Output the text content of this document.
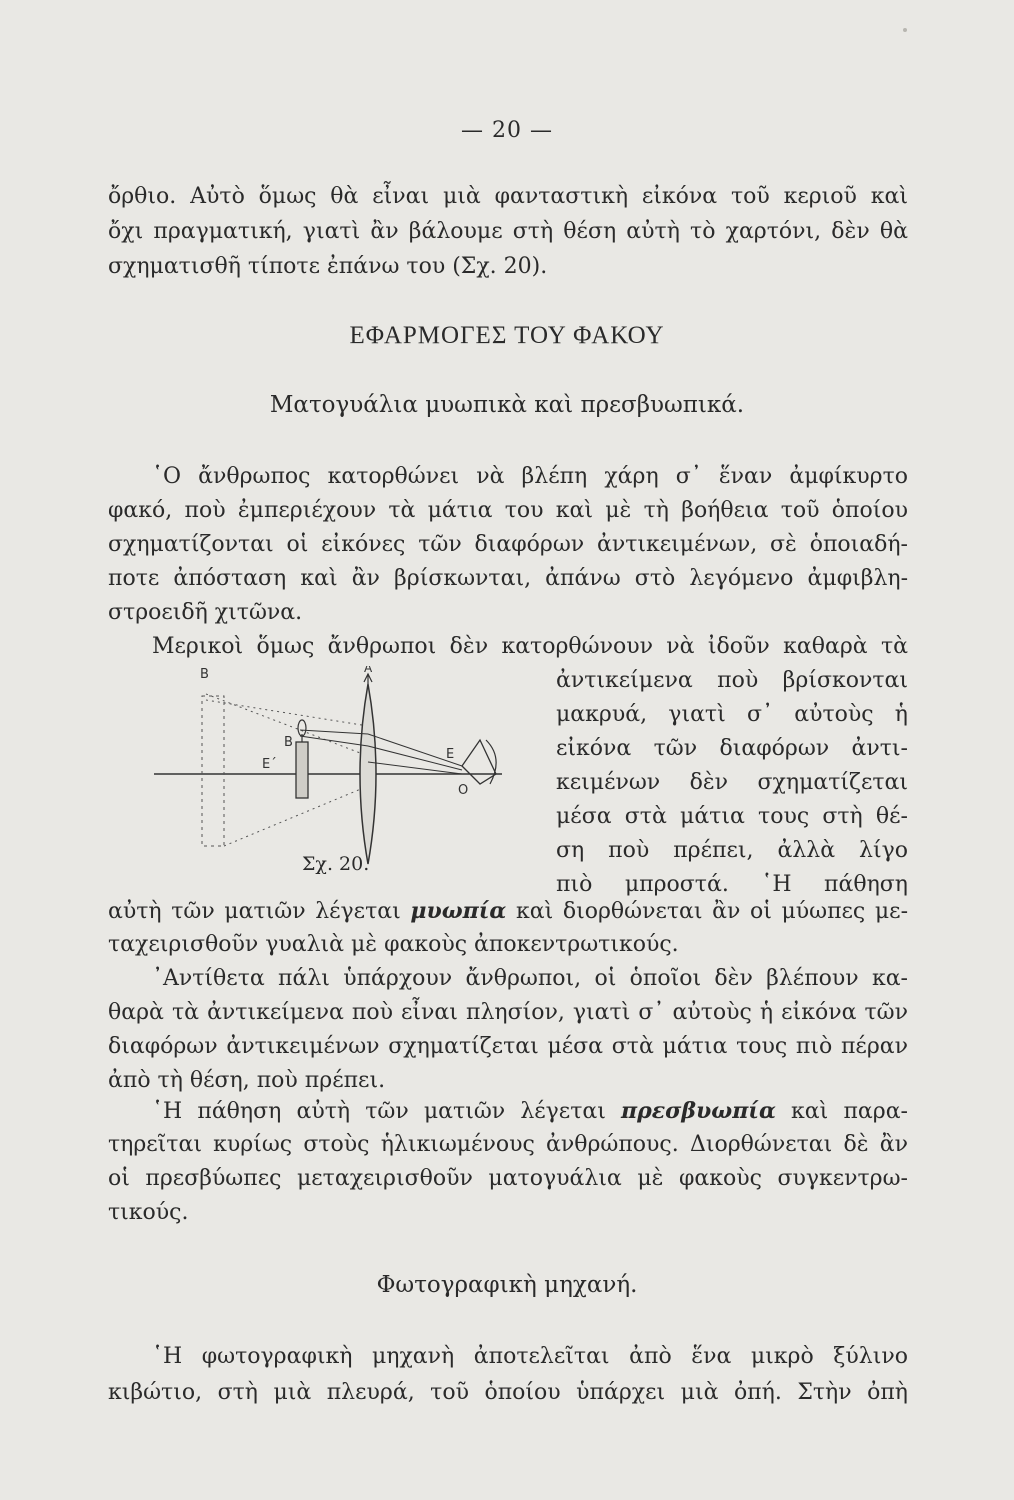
— 20 —
ὄρθιο. Αὐτὸ ὅμως θὰ εἶναι μιὰ φανταστικὴ εἰκόνα τοῦ κεριοῦ καὶ
ὄχι πραγματική, γιατὶ ἂν βάλουμε στὴ θέση αὐτὴ τὸ χαρτόνι, δὲν θὰ
σχηματισθῆ τίποτε ἐπάνω του (Σχ. 20).
ΕΦΑΡΜΟΓΕΣ ΤΟΥ ΦΑΚΟΥ
Ματογυάλια μυωπικὰ καὶ πρεσβυωπικά.
῾Ο ἄνθρωπος κατορθώνει νὰ βλέπη χάρη σ᾿ ἕναν ἀμφίκυρτο
φακό, ποὺ ἐμπεριέχουν τὰ μάτια του καὶ μὲ τὴ βοήθεια τοῦ ὁποίου
σχηματίζονται οἱ εἰκόνες τῶν διαφόρων ἀντικειμένων, σὲ ὁποιαδή-
ποτε ἀπόσταση καὶ ἂν βρίσκωνται, ἀπάνω στὸ λεγόμενο ἀμφιβλη-
στροειδῆ χιτῶνα.
Μερικοὶ ὅμως ἄνθρωποι δὲν κατορθώνουν νὰ ἰδοῦν καθαρὰ τὰ
ἀντικείμενα ποὺ βρίσκονται
μακρυά, γιατὶ σ᾿ αὐτοὺς ἡ
εἰκόνα τῶν διαφόρων ἀντι-
κειμένων δὲν σχηματίζεται
μέσα στὰ μάτια τους στὴ θέ-
ση ποὺ πρέπει, ἀλλὰ λίγο
πιὸ μπροστά. ῾Η πάθηση
B	A
B
E´
E
O
Σχ. 20.
αὐτὴ τῶν ματιῶν λέγεται μυωπία καὶ διορθώνεται ἂν οἱ μύωπες με-
ταχειρισθοῦν γυαλιὰ μὲ φακοὺς ἀποκεντρωτικούς.
᾿Αντίθετα πάλι ὑπάρχουν ἄνθρωποι, οἱ ὁποῖοι δὲν βλέπουν κα-
θαρὰ τὰ ἀντικείμενα ποὺ εἶναι πλησίον, γιατὶ σ᾿ αὐτοὺς ἡ εἰκόνα τῶν
διαφόρων ἀντικειμένων σχηματίζεται μέσα στὰ μάτια τους πιὸ πέραν
ἀπὸ τὴ θέση, ποὺ πρέπει.
῾Η πάθηση αὐτὴ τῶν ματιῶν λέγεται πρεσβυωπία καὶ παρα-
τηρεῖται κυρίως στοὺς ἡλικιωμένους ἀνθρώπους. Διορθώνεται δὲ ἂν
οἱ πρεσβύωπες μεταχειρισθοῦν ματογυάλια μὲ φακοὺς συγκεντρω-
τικούς.
Φωτογραφικὴ μηχανή.
῾Η φωτογραφικὴ μηχανὴ ἀποτελεῖται ἀπὸ ἕνα μικρὸ ξύλινο
κιβώτιο, στὴ μιὰ πλευρά, τοῦ ὁποίου ὑπάρχει μιὰ ὀπή. Στὴν ὀπὴ
